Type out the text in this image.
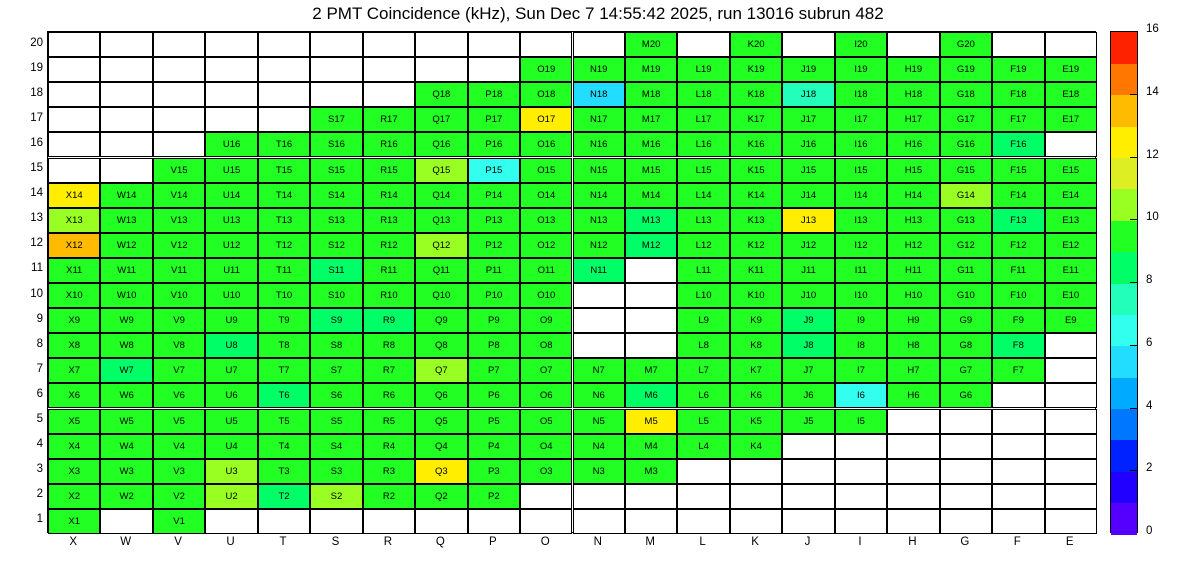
2 PMT Coincidence (kHz), Sun Dec 7 14:55:42 2025, run 13016 subrun 482
1
2
3
4
5
6
7
8
9
10
11
12
13
14
15
16
17
18
19
20
X1	V1
X2	W2	V2	U2	T2	S2	R2	Q2	P2
X3	W3	V3	U3	T3	S3	R3	Q3	P3	O3	N3	M3
X4	W4	V4	U4	T4	S4	R4	Q4	P4	O4	N4	M4	L4	K4
X5	W5	V5	U5	T5	S5	R5	Q5	P5	O5	N5	M5	L5	K5	J5	I5
X6	W6	V6	U6	T6	S6	R6	Q6	P6	O6	N6	M6	L6	K6	J6	I6	H6	G6
X7	W7	V7	U7	T7	S7	R7	Q7	P7	O7	N7	M7	L7	K7	J7	I7	H7	G7	F7
X8	W8	V8	U8	T8	S8	R8	Q8	P8	O8	L8	K8	J8	I8	H8	G8	F8
X9	W9	V9	U9	T9	S9	R9	Q9	P9	O9	L9	K9	J9	I9	H9	G9	F9	E9
X10	W10	V10	U10	T10	S10	R10	Q10	P10	O10	L10	K10	J10	I10	H10	G10	F10	E10
X11	W11	V11	U11	T11	S11	R11	Q11	P11	O11	N11	L11	K11	J11	I11	H11	G11	F11	E11
X12	W12	V12	U12	T12	S12	R12	Q12	P12	O12	N12	M12	L12	K12	J12	I12	H12	G12	F12	E12
X13	W13	V13	U13	T13	S13	R13	Q13	P13	O13	N13	M13	L13	K13	J13	I13	H13	G13	F13	E13
X14	W14	V14	U14	T14	S14	R14	Q14	P14	O14	N14	M14	L14	K14	J14	I14	H14	G14	F14	E14
V15	U15	T15	S15	R15	Q15	P15	O15	N15	M15	L15	K15	J15	I15	H15	G15	F15	E15
U16	T16	S16	R16	Q16	P16	O16	N16	M16	L16	K16	J16	I16	H16	G16	F16
S17	R17	Q17	P17	O17	N17	M17	L17	K17	J17	I17	H17	G17	F17	E17
Q18	P18	O18	N18	M18	L18	K18	J18	I18	H18	G18	F18	E18
O19	N19	M19	L19	K19	J19	I19	H19	G19	F19	E19
M20	K20	I20	G20
X	W	V	U	T	S	R	Q	P	O	N	M	L	K	J	I	H	G	F	E
0
2
4
6
8
10
12
14
16
